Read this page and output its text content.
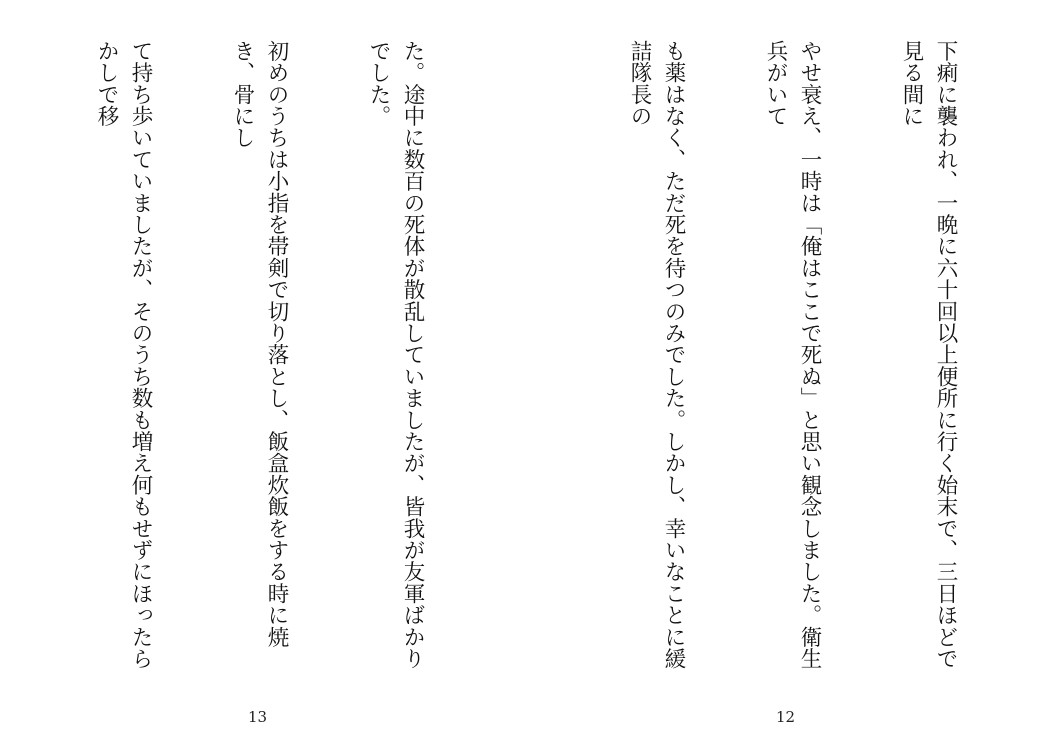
た。途中に数百の死体が散乱していましたが、皆我が友軍ばかりでした。

初めのうちは小指を帯剣で切り落とし、飯盒炊飯をする時に焼き、骨にし

て持ち歩いていましたが、そのうち数も増え何もせずにほったらかしで移

13

下痢に襲われ、一晩に六十回以上便所に行く始末で、三日ほどで見る間に

やせ衰え、一時は「俺はここで死ぬ」と思い観念しました。衛生兵がいて

も薬はなく、ただ死を待つのみでした。しかし、幸いなことに緩詰隊長の

12
